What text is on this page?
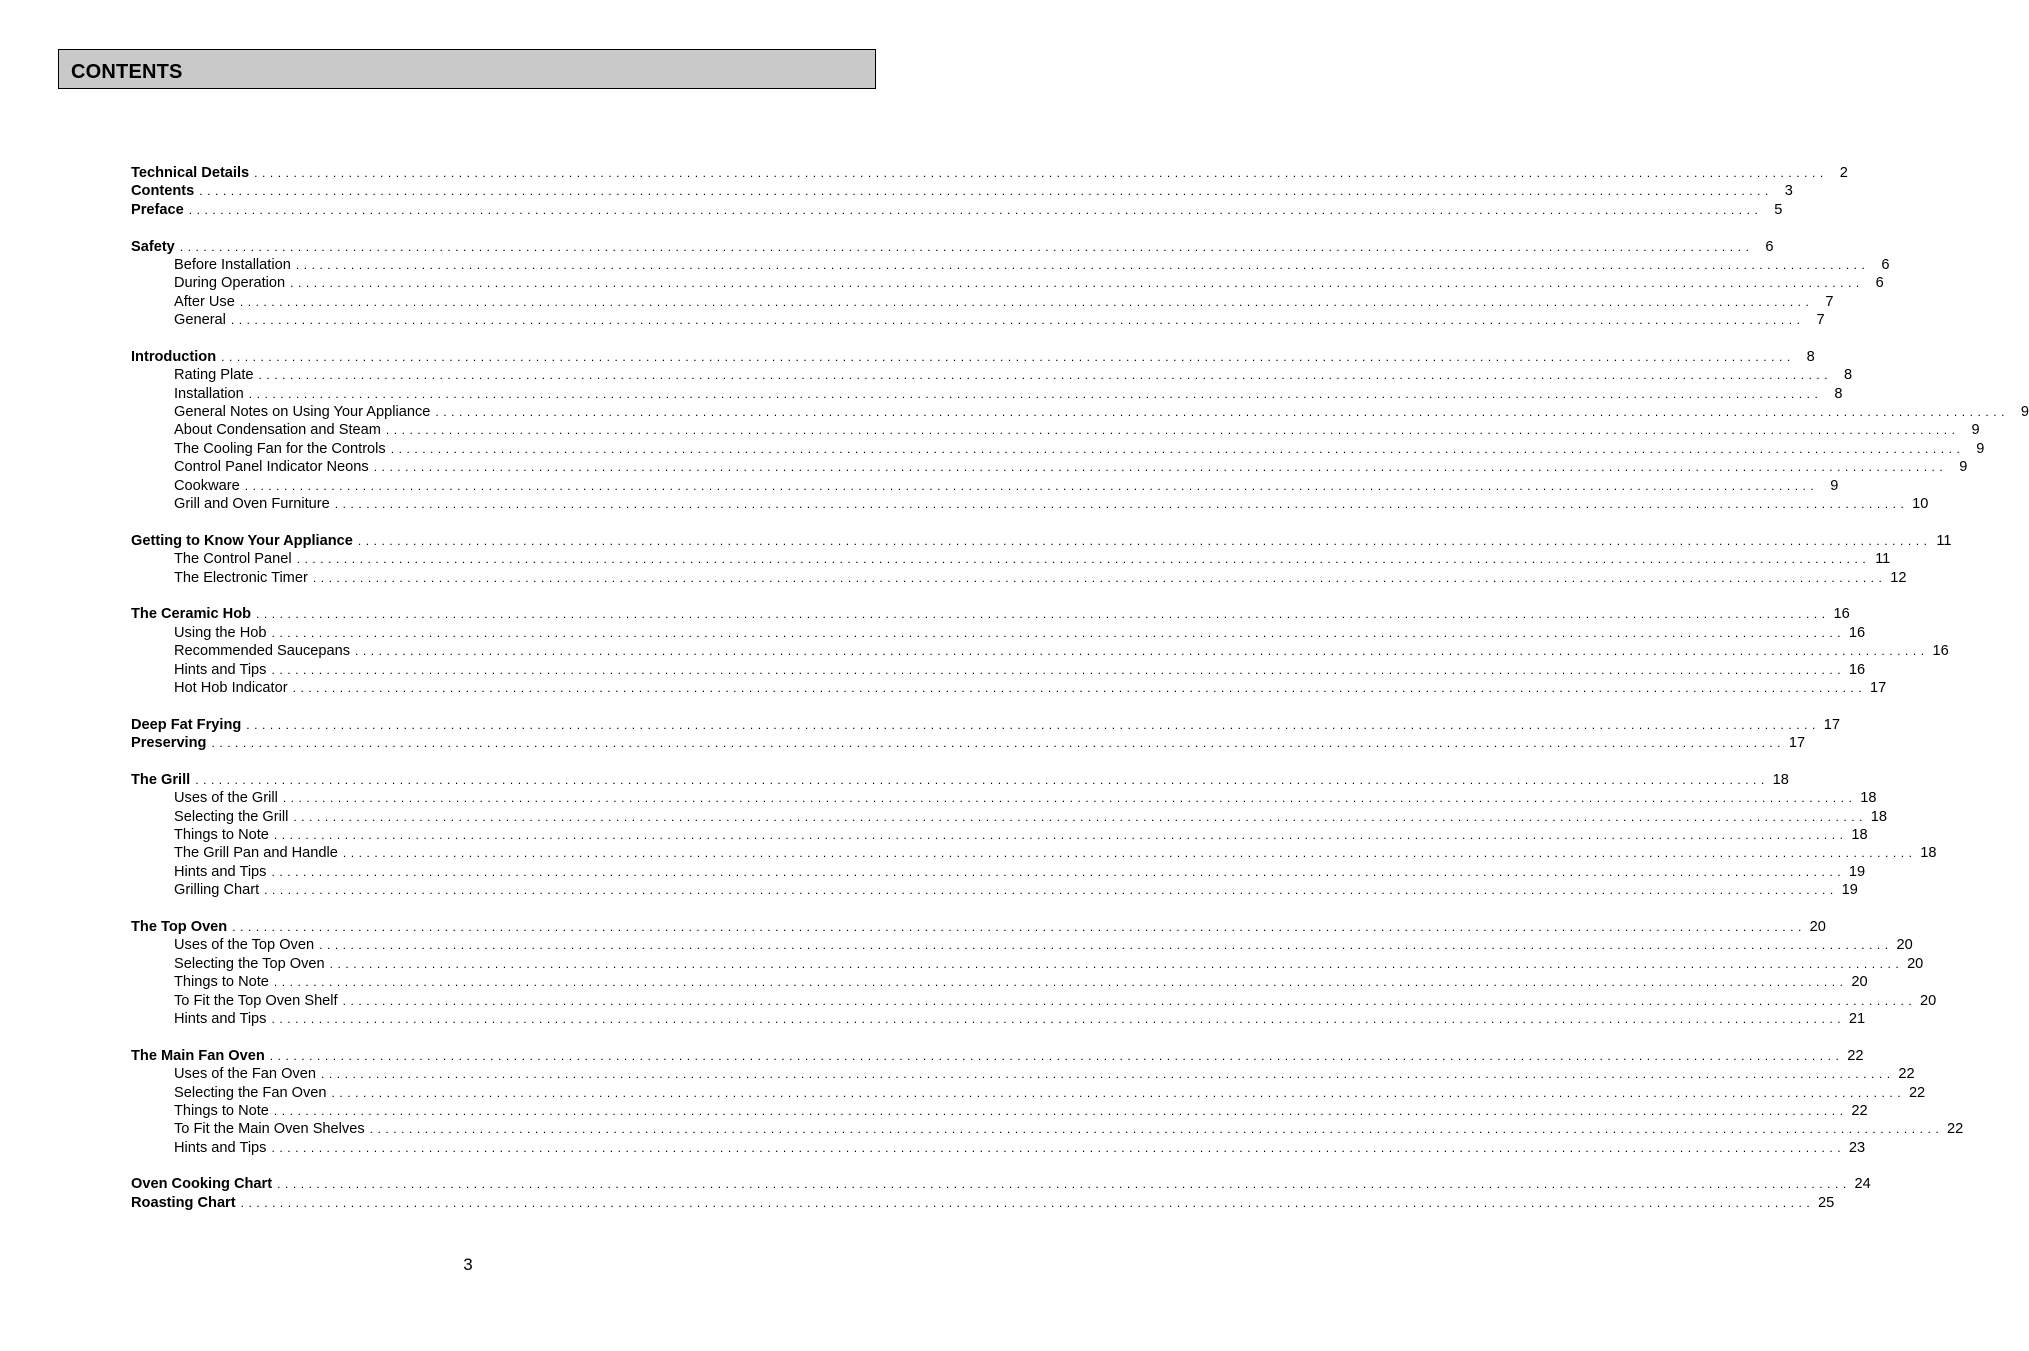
CONTENTS
Technical Details . . . . . . . . . . . . . . . . . . . . . . . . . . . . . . . . . . . . . . . . . . . . . . . . . . . . . . . . . . . . . . . . . . . . . . . . . . . . . . . . . . . . . . . . . . . . . . . . . . . . . . . . . . . . . . . . . . . . . . . . . . . . . . . . . . . . . . . . . . . . . . . . . . . . . . . . . . . . . . . . . . . . . . . . . . . . . . . . . . . . . . . . . . . . . . . . . . . . . . . .	2
Contents . . . . . . . . . . . . . . . . . . . . . . . . . . . . . . . . . . . . . . . . . . . . . . . . . . . . . . . . . . . . . . . . . . . . . . . . . . . . . . . . . . . . . . . . . . . . . . . . . . . . . . . . . . . . . . . . . . . . . . . . . . . . . . . . . . . . . . . . . . . . . . . . . . . . . . . . . . . . . . . . . . . . . . . . . . . . . . . . . . . . . . . . . . . . . . . . . . . . . . . .	3
Preface . . . . . . . . . . . . . . . . . . . . . . . . . . . . . . . . . . . . . . . . . . . . . . . . . . . . . . . . . . . . . . . . . . . . . . . . . . . . . . . . . . . . . . . . . . . . . . . . . . . . . . . . . . . . . . . . . . . . . . . . . . . . . . . . . . . . . . . . . . . . . . . . . . . . . . . . . . . . . . . . . . . . . . . . . . . . . . . . . . . . . . . . . . . . . . . . . . . . . . . .	5
Safety . . . . . . . . . . . . . . . . . . . . . . . . . . . . . . . . . . . . . . . . . . . . . . . . . . . . . . . . . . . . . . . . . . . . . . . . . . . . . . . . . . . . . . . . . . . . . . . . . . . . . . . . . . . . . . . . . . . . . . . . . . . . . . . . . . . . . . . . . . . . . . . . . . . . . . . . . . . . . . . . . . . . . . . . . . . . . . . . . . . . . . . . . . . . . . . . . . . . . . . .	6
Before Installation . . . . . . . . . . . . . . . . . . . . . . . . . . . . . . . . . . . . . . . . . . . . . . . . . . . . . . . . . . . . . . . . . . . . . . . . . . . . . . . . . . . . . . . . . . . . . . . . . . . . . . . . . . . . . . . . . . . . . . . . . . . . . . . . . . . . . . . . . . . . . . . . . . . . . . . . . . . . . . . . . . . . . . . . . . . . . . . . . . . . . . . . . . . . . . . . . . . . . . . .	6
During Operation . . . . . . . . . . . . . . . . . . . . . . . . . . . . . . . . . . . . . . . . . . . . . . . . . . . . . . . . . . . . . . . . . . . . . . . . . . . . . . . . . . . . . . . . . . . . . . . . . . . . . . . . . . . . . . . . . . . . . . . . . . . . . . . . . . . . . . . . . . . . . . . . . . . . . . . . . . . . . . . . . . . . . . . . . . . . . . . . . . . . . . . . . . . . . . . . . . . . . . . .	6
After Use . . . . . . . . . . . . . . . . . . . . . . . . . . . . . . . . . . . . . . . . . . . . . . . . . . . . . . . . . . . . . . . . . . . . . . . . . . . . . . . . . . . . . . . . . . . . . . . . . . . . . . . . . . . . . . . . . . . . . . . . . . . . . . . . . . . . . . . . . . . . . . . . . . . . . . . . . . . . . . . . . . . . . . . . . . . . . . . . . . . . . . . . . . . . . . . . . . . . . . . .	7
General . . . . . . . . . . . . . . . . . . . . . . . . . . . . . . . . . . . . . . . . . . . . . . . . . . . . . . . . . . . . . . . . . . . . . . . . . . . . . . . . . . . . . . . . . . . . . . . . . . . . . . . . . . . . . . . . . . . . . . . . . . . . . . . . . . . . . . . . . . . . . . . . . . . . . . . . . . . . . . . . . . . . . . . . . . . . . . . . . . . . . . . . . . . . . . . . . . . . . . . .	7
Introduction . . . . . . . . . . . . . . . . . . . . . . . . . . . . . . . . . . . . . . . . . . . . . . . . . . . . . . . . . . . . . . . . . . . . . . . . . . . . . . . . . . . . . . . . . . . . . . . . . . . . . . . . . . . . . . . . . . . . . . . . . . . . . . . . . . . . . . . . . . . . . . . . . . . . . . . . . . . . . . . . . . . . . . . . . . . . . . . . . . . . . . . . . . . . . . . . . . . . . . . .	8
Rating Plate . . . . . . . . . . . . . . . . . . . . . . . . . . . . . . . . . . . . . . . . . . . . . . . . . . . . . . . . . . . . . . . . . . . . . . . . . . . . . . . . . . . . . . . . . . . . . . . . . . . . . . . . . . . . . . . . . . . . . . . . . . . . . . . . . . . . . . . . . . . . . . . . . . . . . . . . . . . . . . . . . . . . . . . . . . . . . . . . . . . . . . . . . . . . . . . . . . . . . . . .	8
Installation . . . . . . . . . . . . . . . . . . . . . . . . . . . . . . . . . . . . . . . . . . . . . . . . . . . . . . . . . . . . . . . . . . . . . . . . . . . . . . . . . . . . . . . . . . . . . . . . . . . . . . . . . . . . . . . . . . . . . . . . . . . . . . . . . . . . . . . . . . . . . . . . . . . . . . . . . . . . . . . . . . . . . . . . . . . . . . . . . . . . . . . . . . . . . . . . . . . . . . . .	8
General Notes on Using Your Appliance . . . . . . . . . . . . . . . . . . . . . . . . . . . . . . . . . . . . . . . . . . . . . . . . . . . . . . . . . . . . . . . . . . . . . . . . . . . . . . . . . . . . . . . . . . . . . . . . . . . . . . . . . . . . . . . . . . . . . . . . . . . . . . . . . . . . . . . . . . . . . . . . . . . . . . . . . . . . . . . . . . . . . . . . . . . . . . . . . . . . . . . . . . . . . . . . . . . . . . . .	9
About Condensation and Steam . . . . . . . . . . . . . . . . . . . . . . . . . . . . . . . . . . . . . . . . . . . . . . . . . . . . . . . . . . . . . . . . . . . . . . . . . . . . . . . . . . . . . . . . . . . . . . . . . . . . . . . . . . . . . . . . . . . . . . . . . . . . . . . . . . . . . . . . . . . . . . . . . . . . . . . . . . . . . . . . . . . . . . . . . . . . . . . . . . . . . . . . . . . . . . . . . . . . . . . .	9
The Cooling Fan for the Controls . . . . . . . . . . . . . . . . . . . . . . . . . . . . . . . . . . . . . . . . . . . . . . . . . . . . . . . . . . . . . . . . . . . . . . . . . . . . . . . . . . . . . . . . . . . . . . . . . . . . . . . . . . . . . . . . . . . . . . . . . . . . . . . . . . . . . . . . . . . . . . . . . . . . . . . . . . . . . . . . . . . . . . . . . . . . . . . . . . . . . . . . . . . . . . . . . . . . . . . .	9
Control Panel Indicator Neons . . . . . . . . . . . . . . . . . . . . . . . . . . . . . . . . . . . . . . . . . . . . . . . . . . . . . . . . . . . . . . . . . . . . . . . . . . . . . . . . . . . . . . . . . . . . . . . . . . . . . . . . . . . . . . . . . . . . . . . . . . . . . . . . . . . . . . . . . . . . . . . . . . . . . . . . . . . . . . . . . . . . . . . . . . . . . . . . . . . . . . . . . . . . . . . . . . . . . . . .	9
Cookware . . . . . . . . . . . . . . . . . . . . . . . . . . . . . . . . . . . . . . . . . . . . . . . . . . . . . . . . . . . . . . . . . . . . . . . . . . . . . . . . . . . . . . . . . . . . . . . . . . . . . . . . . . . . . . . . . . . . . . . . . . . . . . . . . . . . . . . . . . . . . . . . . . . . . . . . . . . . . . . . . . . . . . . . . . . . . . . . . . . . . . . . . . . . . . . . . . . . . . . .	9
Grill and Oven Furniture . . . . . . . . . . . . . . . . . . . . . . . . . . . . . . . . . . . . . . . . . . . . . . . . . . . . . . . . . . . . . . . . . . . . . . . . . . . . . . . . . . . . . . . . . . . . . . . . . . . . . . . . . . . . . . . . . . . . . . . . . . . . . . . . . . . . . . . . . . . . . . . . . . . . . . . . . . . . . . . . . . . . . . . . . . . . . . . . . . . . . . . . . . . . . . . . . . . . . . . . 10
Getting to Know Your Appliance . . . . . . . . . . . . . . . . . . . . . . . . . . . . . . . . . . . . . . . . . . . . . . . . . . . . . . . . . . . . . . . . . . . . . . . . . . . . . . . . . . . . . . . . . . . . . . . . . . . . . . . . . . . . . . . . . . . . . . . . . . . . . . . . . . . . . . . . . . . . . . . . . . . . . . . . . . . . . . . . . . . . . . . . . . . . . . . . . . . . . . . . . . . . . . . . . . . . . . . . 11
The Control Panel . . . . . . . . . . . . . . . . . . . . . . . . . . . . . . . . . . . . . . . . . . . . . . . . . . . . . . . . . . . . . . . . . . . . . . . . . . . . . . . . . . . . . . . . . . . . . . . . . . . . . . . . . . . . . . . . . . . . . . . . . . . . . . . . . . . . . . . . . . . . . . . . . . . . . . . . . . . . . . . . . . . . . . . . . . . . . . . . . . . . . . . . . . . . . . . . . . . . . . . . 11
The Electronic Timer . . . . . . . . . . . . . . . . . . . . . . . . . . . . . . . . . . . . . . . . . . . . . . . . . . . . . . . . . . . . . . . . . . . . . . . . . . . . . . . . . . . . . . . . . . . . . . . . . . . . . . . . . . . . . . . . . . . . . . . . . . . . . . . . . . . . . . . . . . . . . . . . . . . . . . . . . . . . . . . . . . . . . . . . . . . . . . . . . . . . . . . . . . . . . . . . . . . . . . . . 12
The Ceramic Hob . . . . . . . . . . . . . . . . . . . . . . . . . . . . . . . . . . . . . . . . . . . . . . . . . . . . . . . . . . . . . . . . . . . . . . . . . . . . . . . . . . . . . . . . . . . . . . . . . . . . . . . . . . . . . . . . . . . . . . . . . . . . . . . . . . . . . . . . . . . . . . . . . . . . . . . . . . . . . . . . . . . . . . . . . . . . . . . . . . . . . . . . . . . . . . . . . . . . . . . . 16
Using the Hob . . . . . . . . . . . . . . . . . . . . . . . . . . . . . . . . . . . . . . . . . . . . . . . . . . . . . . . . . . . . . . . . . . . . . . . . . . . . . . . . . . . . . . . . . . . . . . . . . . . . . . . . . . . . . . . . . . . . . . . . . . . . . . . . . . . . . . . . . . . . . . . . . . . . . . . . . . . . . . . . . . . . . . . . . . . . . . . . . . . . . . . . . . . . . . . . . . . . . . . . 16
Recommended Saucepans . . . . . . . . . . . . . . . . . . . . . . . . . . . . . . . . . . . . . . . . . . . . . . . . . . . . . . . . . . . . . . . . . . . . . . . . . . . . . . . . . . . . . . . . . . . . . . . . . . . . . . . . . . . . . . . . . . . . . . . . . . . . . . . . . . . . . . . . . . . . . . . . . . . . . . . . . . . . . . . . . . . . . . . . . . . . . . . . . . . . . . . . . . . . . . . . . . . . . . . . 16
Hints and Tips . . . . . . . . . . . . . . . . . . . . . . . . . . . . . . . . . . . . . . . . . . . . . . . . . . . . . . . . . . . . . . . . . . . . . . . . . . . . . . . . . . . . . . . . . . . . . . . . . . . . . . . . . . . . . . . . . . . . . . . . . . . . . . . . . . . . . . . . . . . . . . . . . . . . . . . . . . . . . . . . . . . . . . . . . . . . . . . . . . . . . . . . . . . . . . . . . . . . . . . . 16
Hot Hob Indicator . . . . . . . . . . . . . . . . . . . . . . . . . . . . . . . . . . . . . . . . . . . . . . . . . . . . . . . . . . . . . . . . . . . . . . . . . . . . . . . . . . . . . . . . . . . . . . . . . . . . . . . . . . . . . . . . . . . . . . . . . . . . . . . . . . . . . . . . . . . . . . . . . . . . . . . . . . . . . . . . . . . . . . . . . . . . . . . . . . . . . . . . . . . . . . . . . . . . . . . . 17
Deep Fat Frying . . . . . . . . . . . . . . . . . . . . . . . . . . . . . . . . . . . . . . . . . . . . . . . . . . . . . . . . . . . . . . . . . . . . . . . . . . . . . . . . . . . . . . . . . . . . . . . . . . . . . . . . . . . . . . . . . . . . . . . . . . . . . . . . . . . . . . . . . . . . . . . . . . . . . . . . . . . . . . . . . . . . . . . . . . . . . . . . . . . . . . . . . . . . . . . . . . . . . . . . 17
Preserving . . . . . . . . . . . . . . . . . . . . . . . . . . . . . . . . . . . . . . . . . . . . . . . . . . . . . . . . . . . . . . . . . . . . . . . . . . . . . . . . . . . . . . . . . . . . . . . . . . . . . . . . . . . . . . . . . . . . . . . . . . . . . . . . . . . . . . . . . . . . . . . . . . . . . . . . . . . . . . . . . . . . . . . . . . . . . . . . . . . . . . . . . . . . . . . . . . . . . . . . 17
The Grill . . . . . . . . . . . . . . . . . . . . . . . . . . . . . . . . . . . . . . . . . . . . . . . . . . . . . . . . . . . . . . . . . . . . . . . . . . . . . . . . . . . . . . . . . . . . . . . . . . . . . . . . . . . . . . . . . . . . . . . . . . . . . . . . . . . . . . . . . . . . . . . . . . . . . . . . . . . . . . . . . . . . . . . . . . . . . . . . . . . . . . . . . . . . . . . . . . . . . . . . 18
Uses of the Grill . . . . . . . . . . . . . . . . . . . . . . . . . . . . . . . . . . . . . . . . . . . . . . . . . . . . . . . . . . . . . . . . . . . . . . . . . . . . . . . . . . . . . . . . . . . . . . . . . . . . . . . . . . . . . . . . . . . . . . . . . . . . . . . . . . . . . . . . . . . . . . . . . . . . . . . . . . . . . . . . . . . . . . . . . . . . . . . . . . . . . . . . . . . . . . . . . . . . . . . . 18
Selecting the Grill . . . . . . . . . . . . . . . . . . . . . . . . . . . . . . . . . . . . . . . . . . . . . . . . . . . . . . . . . . . . . . . . . . . . . . . . . . . . . . . . . . . . . . . . . . . . . . . . . . . . . . . . . . . . . . . . . . . . . . . . . . . . . . . . . . . . . . . . . . . . . . . . . . . . . . . . . . . . . . . . . . . . . . . . . . . . . . . . . . . . . . . . . . . . . . . . . . . . . . . . 18
Things to Note . . . . . . . . . . . . . . . . . . . . . . . . . . . . . . . . . . . . . . . . . . . . . . . . . . . . . . . . . . . . . . . . . . . . . . . . . . . . . . . . . . . . . . . . . . . . . . . . . . . . . . . . . . . . . . . . . . . . . . . . . . . . . . . . . . . . . . . . . . . . . . . . . . . . . . . . . . . . . . . . . . . . . . . . . . . . . . . . . . . . . . . . . . . . . . . . . . . . . . . . 18
The Grill Pan and Handle . . . . . . . . . . . . . . . . . . . . . . . . . . . . . . . . . . . . . . . . . . . . . . . . . . . . . . . . . . . . . . . . . . . . . . . . . . . . . . . . . . . . . . . . . . . . . . . . . . . . . . . . . . . . . . . . . . . . . . . . . . . . . . . . . . . . . . . . . . . . . . . . . . . . . . . . . . . . . . . . . . . . . . . . . . . . . . . . . . . . . . . . . . . . . . . . . . . . . . . . 18
Hints and Tips . . . . . . . . . . . . . . . . . . . . . . . . . . . . . . . . . . . . . . . . . . . . . . . . . . . . . . . . . . . . . . . . . . . . . . . . . . . . . . . . . . . . . . . . . . . . . . . . . . . . . . . . . . . . . . . . . . . . . . . . . . . . . . . . . . . . . . . . . . . . . . . . . . . . . . . . . . . . . . . . . . . . . . . . . . . . . . . . . . . . . . . . . . . . . . . . . . . . . . . . 19
Grilling Chart . . . . . . . . . . . . . . . . . . . . . . . . . . . . . . . . . . . . . . . . . . . . . . . . . . . . . . . . . . . . . . . . . . . . . . . . . . . . . . . . . . . . . . . . . . . . . . . . . . . . . . . . . . . . . . . . . . . . . . . . . . . . . . . . . . . . . . . . . . . . . . . . . . . . . . . . . . . . . . . . . . . . . . . . . . . . . . . . . . . . . . . . . . . . . . . . . . . . . . . . 19
The Top Oven . . . . . . . . . . . . . . . . . . . . . . . . . . . . . . . . . . . . . . . . . . . . . . . . . . . . . . . . . . . . . . . . . . . . . . . . . . . . . . . . . . . . . . . . . . . . . . . . . . . . . . . . . . . . . . . . . . . . . . . . . . . . . . . . . . . . . . . . . . . . . . . . . . . . . . . . . . . . . . . . . . . . . . . . . . . . . . . . . . . . . . . . . . . . . . . . . . . . . . . . 20
Uses of the Top Oven . . . . . . . . . . . . . . . . . . . . . . . . . . . . . . . . . . . . . . . . . . . . . . . . . . . . . . . . . . . . . . . . . . . . . . . . . . . . . . . . . . . . . . . . . . . . . . . . . . . . . . . . . . . . . . . . . . . . . . . . . . . . . . . . . . . . . . . . . . . . . . . . . . . . . . . . . . . . . . . . . . . . . . . . . . . . . . . . . . . . . . . . . . . . . . . . . . . . . . . . 20
Selecting the Top Oven . . . . . . . . . . . . . . . . . . . . . . . . . . . . . . . . . . . . . . . . . . . . . . . . . . . . . . . . . . . . . . . . . . . . . . . . . . . . . . . . . . . . . . . . . . . . . . . . . . . . . . . . . . . . . . . . . . . . . . . . . . . . . . . . . . . . . . . . . . . . . . . . . . . . . . . . . . . . . . . . . . . . . . . . . . . . . . . . . . . . . . . . . . . . . . . . . . . . . . . . 20
Things to Note . . . . . . . . . . . . . . . . . . . . . . . . . . . . . . . . . . . . . . . . . . . . . . . . . . . . . . . . . . . . . . . . . . . . . . . . . . . . . . . . . . . . . . . . . . . . . . . . . . . . . . . . . . . . . . . . . . . . . . . . . . . . . . . . . . . . . . . . . . . . . . . . . . . . . . . . . . . . . . . . . . . . . . . . . . . . . . . . . . . . . . . . . . . . . . . . . . . . . . . . 20
To Fit the Top Oven Shelf . . . . . . . . . . . . . . . . . . . . . . . . . . . . . . . . . . . . . . . . . . . . . . . . . . . . . . . . . . . . . . . . . . . . . . . . . . . . . . . . . . . . . . . . . . . . . . . . . . . . . . . . . . . . . . . . . . . . . . . . . . . . . . . . . . . . . . . . . . . . . . . . . . . . . . . . . . . . . . . . . . . . . . . . . . . . . . . . . . . . . . . . . . . . . . . . . . . . . . . . 20
Hints and Tips . . . . . . . . . . . . . . . . . . . . . . . . . . . . . . . . . . . . . . . . . . . . . . . . . . . . . . . . . . . . . . . . . . . . . . . . . . . . . . . . . . . . . . . . . . . . . . . . . . . . . . . . . . . . . . . . . . . . . . . . . . . . . . . . . . . . . . . . . . . . . . . . . . . . . . . . . . . . . . . . . . . . . . . . . . . . . . . . . . . . . . . . . . . . . . . . . . . . . . . . 21
The Main Fan Oven . . . . . . . . . . . . . . . . . . . . . . . . . . . . . . . . . . . . . . . . . . . . . . . . . . . . . . . . . . . . . . . . . . . . . . . . . . . . . . . . . . . . . . . . . . . . . . . . . . . . . . . . . . . . . . . . . . . . . . . . . . . . . . . . . . . . . . . . . . . . . . . . . . . . . . . . . . . . . . . . . . . . . . . . . . . . . . . . . . . . . . . . . . . . . . . . . . . . . . . . 22
Uses of the Fan Oven . . . . . . . . . . . . . . . . . . . . . . . . . . . . . . . . . . . . . . . . . . . . . . . . . . . . . . . . . . . . . . . . . . . . . . . . . . . . . . . . . . . . . . . . . . . . . . . . . . . . . . . . . . . . . . . . . . . . . . . . . . . . . . . . . . . . . . . . . . . . . . . . . . . . . . . . . . . . . . . . . . . . . . . . . . . . . . . . . . . . . . . . . . . . . . . . . . . . . . . . 22
Selecting the Fan Oven . . . . . . . . . . . . . . . . . . . . . . . . . . . . . . . . . . . . . . . . . . . . . . . . . . . . . . . . . . . . . . . . . . . . . . . . . . . . . . . . . . . . . . . . . . . . . . . . . . . . . . . . . . . . . . . . . . . . . . . . . . . . . . . . . . . . . . . . . . . . . . . . . . . . . . . . . . . . . . . . . . . . . . . . . . . . . . . . . . . . . . . . . . . . . . . . . . . . . . . . 22
Things to Note . . . . . . . . . . . . . . . . . . . . . . . . . . . . . . . . . . . . . . . . . . . . . . . . . . . . . . . . . . . . . . . . . . . . . . . . . . . . . . . . . . . . . . . . . . . . . . . . . . . . . . . . . . . . . . . . . . . . . . . . . . . . . . . . . . . . . . . . . . . . . . . . . . . . . . . . . . . . . . . . . . . . . . . . . . . . . . . . . . . . . . . . . . . . . . . . . . . . . . . . 22
To Fit the Main Oven Shelves . . . . . . . . . . . . . . . . . . . . . . . . . . . . . . . . . . . . . . . . . . . . . . . . . . . . . . . . . . . . . . . . . . . . . . . . . . . . . . . . . . . . . . . . . . . . . . . . . . . . . . . . . . . . . . . . . . . . . . . . . . . . . . . . . . . . . . . . . . . . . . . . . . . . . . . . . . . . . . . . . . . . . . . . . . . . . . . . . . . . . . . . . . . . . . . . . . . . . . . . 22
Hints and Tips . . . . . . . . . . . . . . . . . . . . . . . . . . . . . . . . . . . . . . . . . . . . . . . . . . . . . . . . . . . . . . . . . . . . . . . . . . . . . . . . . . . . . . . . . . . . . . . . . . . . . . . . . . . . . . . . . . . . . . . . . . . . . . . . . . . . . . . . . . . . . . . . . . . . . . . . . . . . . . . . . . . . . . . . . . . . . . . . . . . . . . . . . . . . . . . . . . . . . . . . 23
Oven Cooking Chart . . . . . . . . . . . . . . . . . . . . . . . . . . . . . . . . . . . . . . . . . . . . . . . . . . . . . . . . . . . . . . . . . . . . . . . . . . . . . . . . . . . . . . . . . . . . . . . . . . . . . . . . . . . . . . . . . . . . . . . . . . . . . . . . . . . . . . . . . . . . . . . . . . . . . . . . . . . . . . . . . . . . . . . . . . . . . . . . . . . . . . . . . . . . . . . . . . . . . . . . 24
Roasting Chart . . . . . . . . . . . . . . . . . . . . . . . . . . . . . . . . . . . . . . . . . . . . . . . . . . . . . . . . . . . . . . . . . . . . . . . . . . . . . . . . . . . . . . . . . . . . . . . . . . . . . . . . . . . . . . . . . . . . . . . . . . . . . . . . . . . . . . . . . . . . . . . . . . . . . . . . . . . . . . . . . . . . . . . . . . . . . . . . . . . . . . . . . . . . . . . . . . . . . . . . 25
3
